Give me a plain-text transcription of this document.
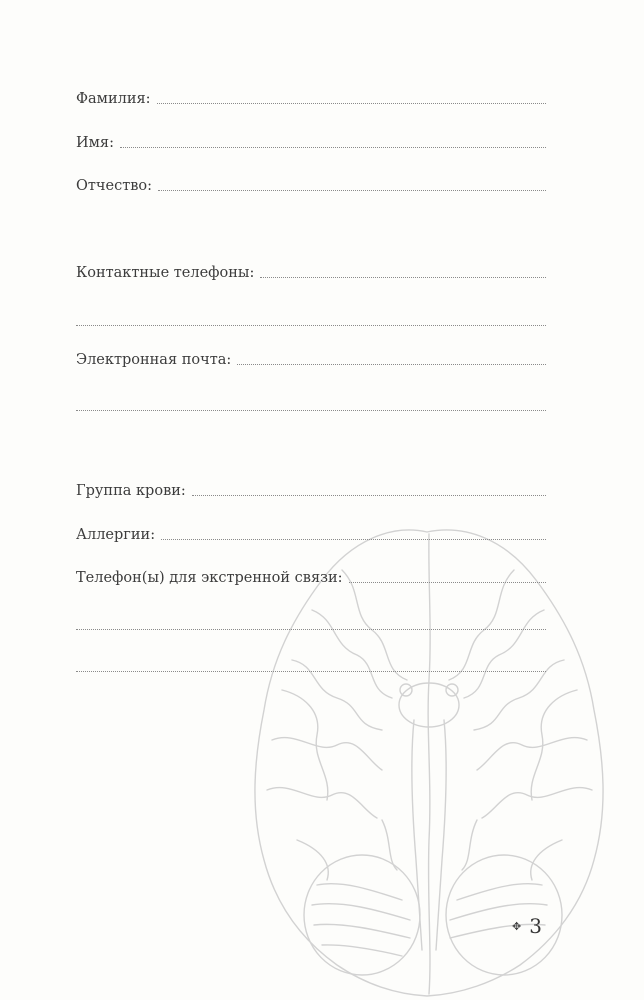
Фамилия:
Имя:
Отчество:
Контактные телефоны:
Электронная почта:
Группа крови:
Аллергии:
Телефон(ы) для экстренной связи:
✥ 3
